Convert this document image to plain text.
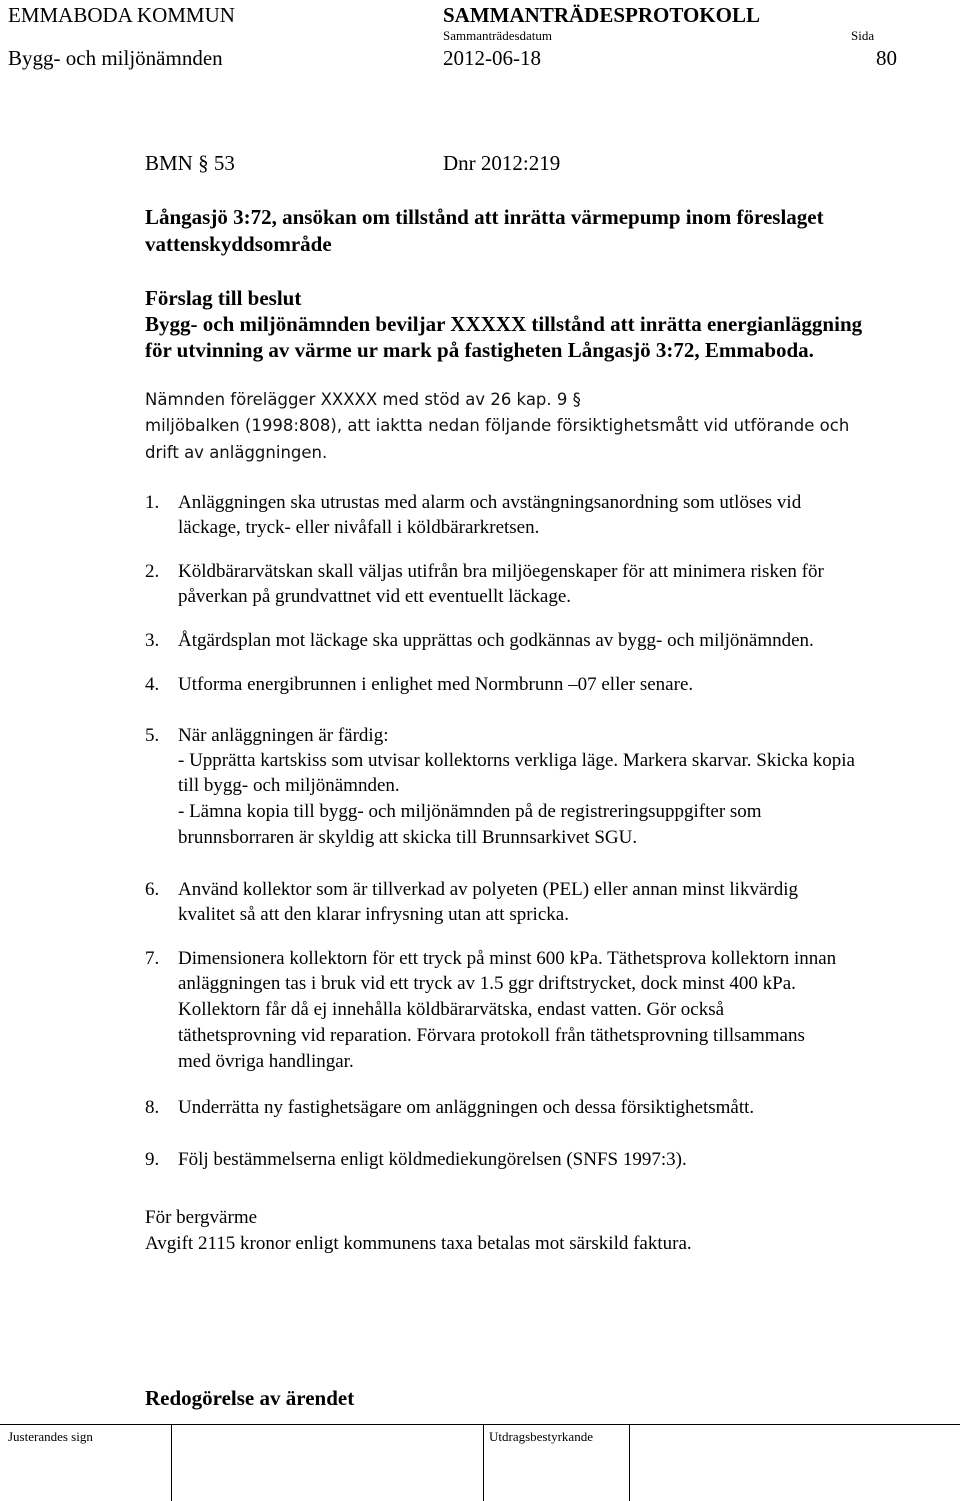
EMMABODA KOMMUN	SAMMANTRÄDESPROTOKOLL
Sammanträdesdatum	Sida
Bygg- och miljönämnden	2012-06-18	80
BMN § 53	Dnr 2012:219
Långasjö 3:72, ansökan om tillstånd att inrätta värmepump inom föreslaget
vattenskyddsområde
Förslag till beslut
Bygg- och miljönämnden beviljar XXXXX tillstånd att inrätta energianläggning
för utvinning av värme ur mark på fastigheten Långasjö 3:72, Emmaboda.
Nämnden förelägger XXXXX med stöd av 26 kap. 9 §
miljöbalken (1998:808), att iaktta nedan följande försiktighetsmått vid utförande och
drift av anläggningen.
1. Anläggningen ska utrustas med alarm och avstängningsanordning som utlöses vid
läckage, tryck- eller nivåfall i köldbärarkretsen.
2. Köldbärarvätskan skall väljas utifrån bra miljöegenskaper för att minimera risken för
påverkan på grundvattnet vid ett eventuellt läckage.
3. Åtgärdsplan mot läckage ska upprättas och godkännas av bygg- och miljönämnden.
4. Utforma energibrunnen i enlighet med Normbrunn –07 eller senare.
5. När anläggningen är färdig:
- Upprätta kartskiss som utvisar kollektorns verkliga läge. Markera skarvar. Skicka kopia
till bygg- och miljönämnden.
- Lämna kopia till bygg- och miljönämnden på de registreringsuppgifter som
brunnsborraren är skyldig att skicka till Brunnsarkivet SGU.
6. Använd kollektor som är tillverkad av polyeten (PEL) eller annan minst likvärdig
kvalitet så att den klarar infrysning utan att spricka.
7. Dimensionera kollektorn för ett tryck på minst 600 kPa. Täthetsprova kollektorn innan
anläggningen tas i bruk vid ett tryck av 1.5 ggr driftstrycket, dock minst 400 kPa.
Kollektorn får då ej innehålla köldbärarvätska, endast vatten. Gör också
täthetsprovning vid reparation. Förvara protokoll från täthetsprovning tillsammans
med övriga handlingar.
8. Underrätta ny fastighetsägare om anläggningen och dessa försiktighetsmått.
9. Följ bestämmelserna enligt köldmediekungörelsen (SNFS 1997:3).
För bergvärme
Avgift 2115 kronor enligt kommunens taxa betalas mot särskild faktura.
Redogörelse av ärendet
Justerandes sign	Utdragsbestyrkande
